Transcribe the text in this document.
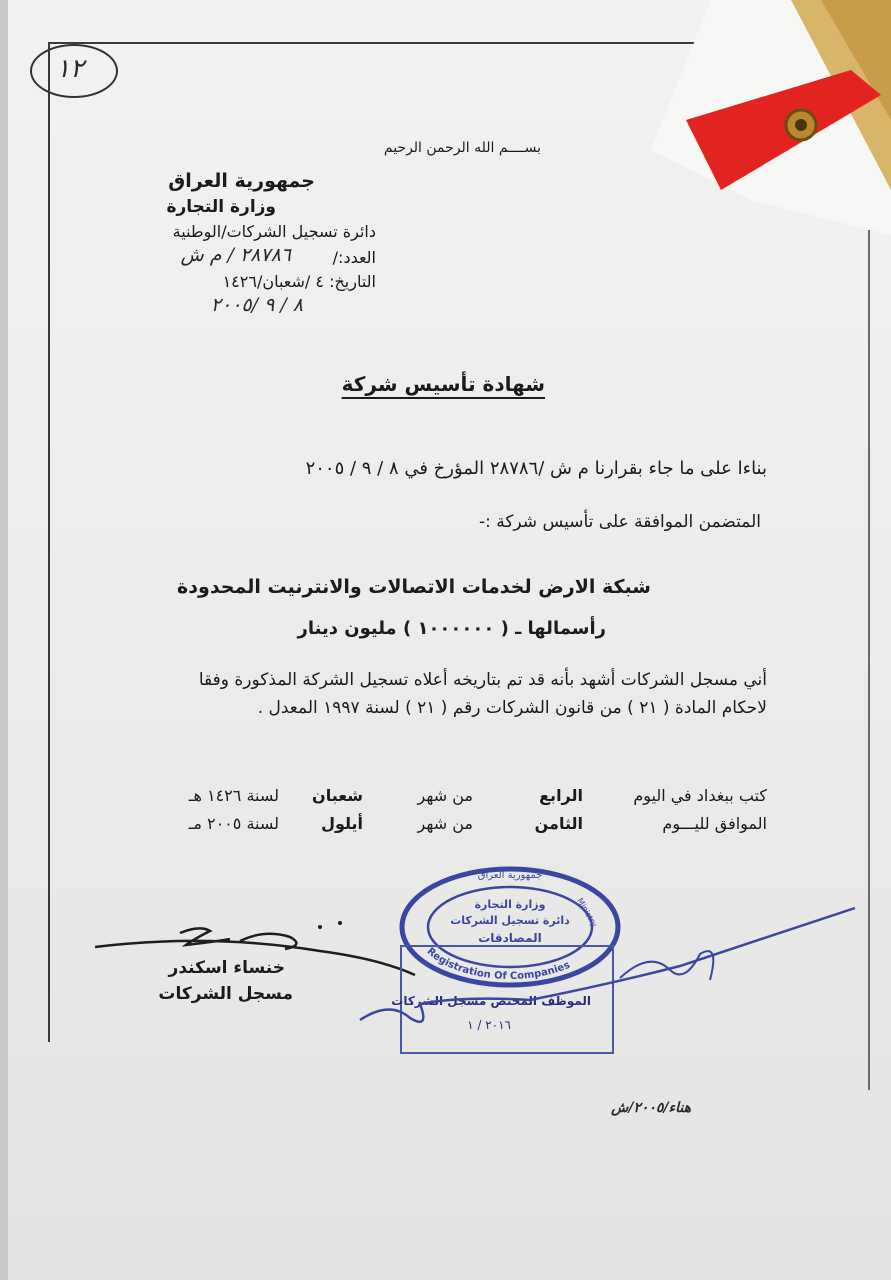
١٢
بســــم الله الرحمن الرحيم
جمهورية العراق
وزارة التجارة
دائرة تسجيل الشركات/الوطنية
العدد:/
٢٨٧٨٦ / م ش
التاريخ: ٤ /شعبان/١٤٢٦
٨ / ٩ /٢٠٠٥
شهادة تأسيس شركة
بناءا على ما جاء بقرارنا م ش /٢٨٧٨٦ المؤرخ في ٨ / ٩ / ٢٠٠٥
المتضمن الموافقة على تأسيس شركة :-
شبكة الارض لخدمات الاتصالات والانترنيت المحدودة
رأسمالها ـ ( ١٠٠٠٠٠٠ ) مليون دينار
أني مسجل الشركات أشهد بأنه قد تم بتاريخه أعلاه تسجيل الشركة المذكورة وفقا
لاحكام المادة ( ٢١ ) من قانون الشركات رقم ( ٢١ ) لسنة ١٩٩٧ المعدل .
كتب ببغداد في اليوم
الرابع
من شهر
شعبان
لسنة ١٤٢٦ هـ
الموافق لليـــوم
الثامن
من شهر
أيلول
لسنة ٢٠٠٥ مـ
خنساء اسكندر
مسجل الشركات
Registration Of Companies
Ministry
جمهورية العراق
وزارة التجارة
دائرة تسجيل الشركات
المصادقات
الموظف المختص مسجل الشركات
٢٠١٦ / ١
هناء/٢٠٠٥/ش
